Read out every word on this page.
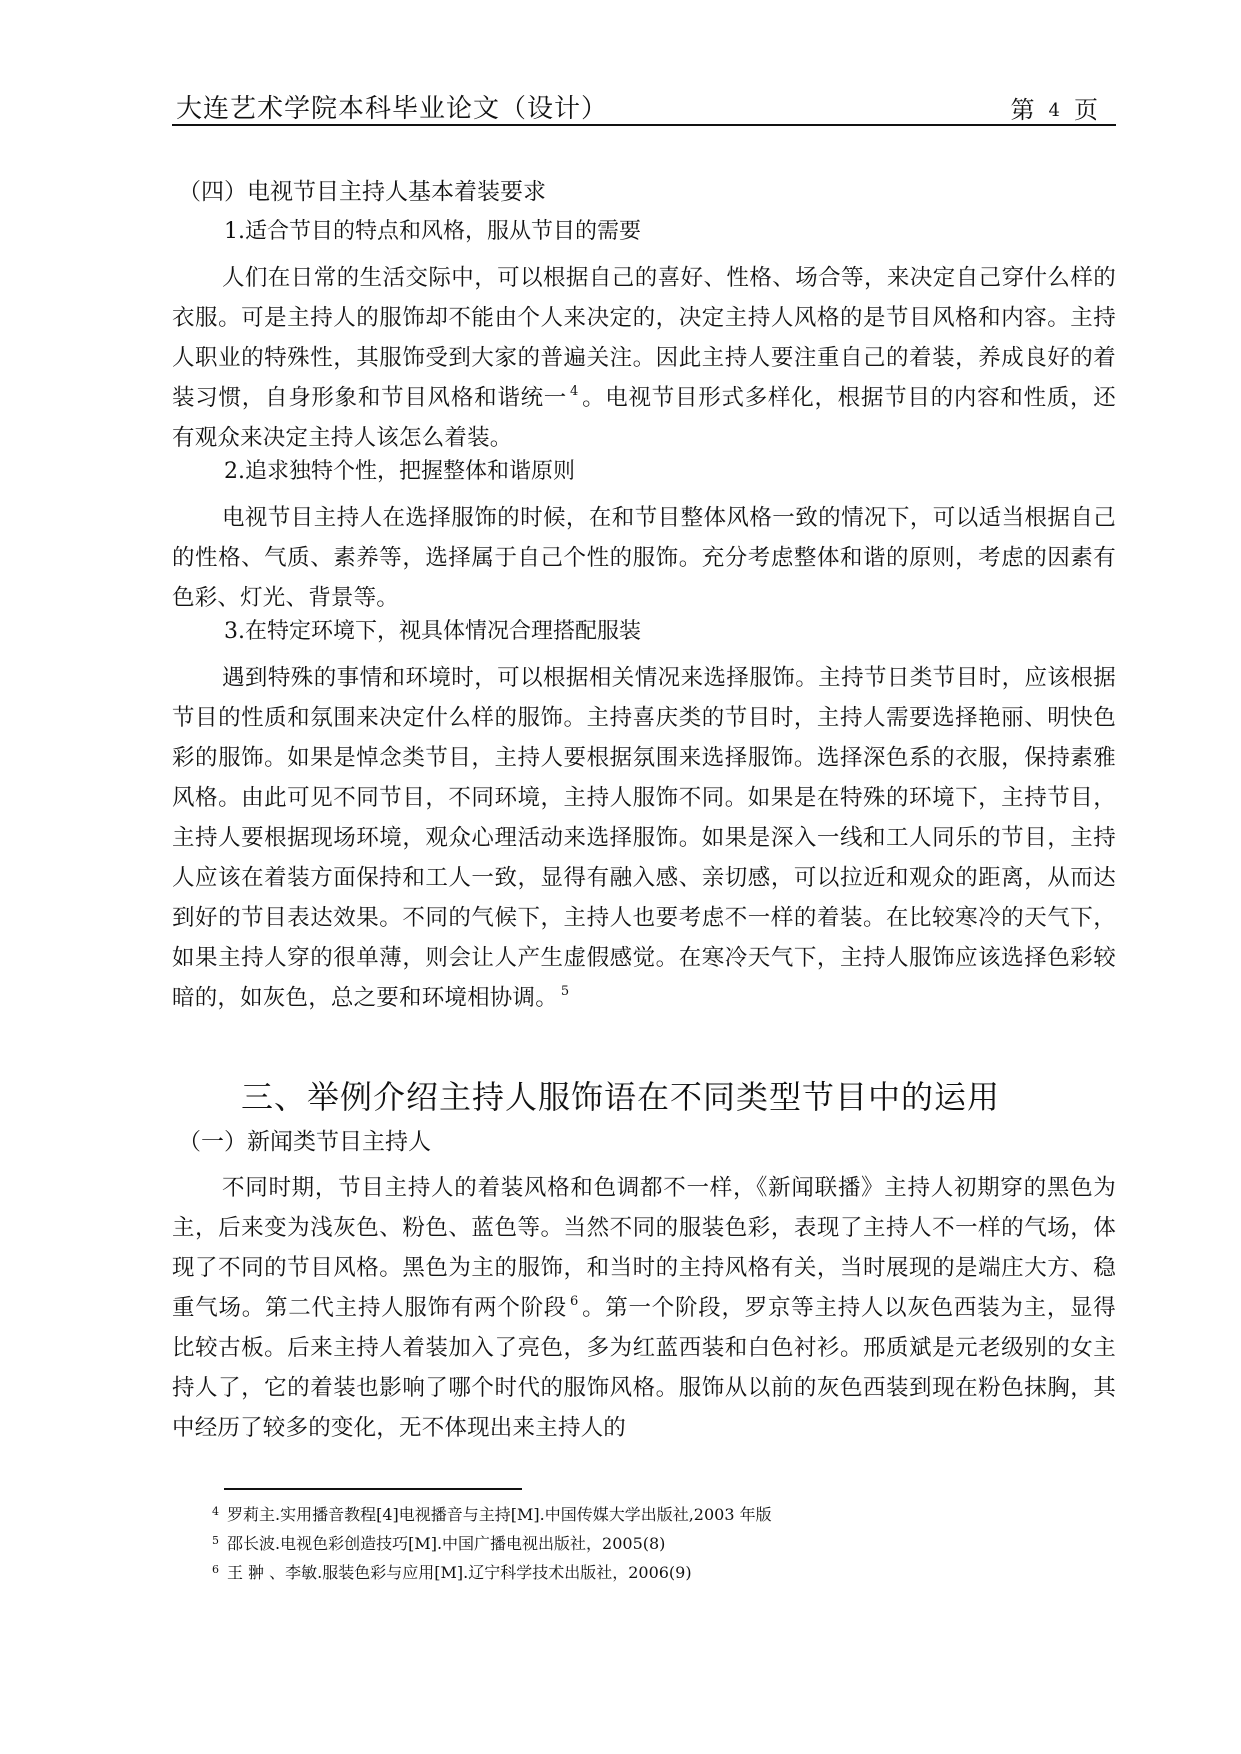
大连艺术学院本科毕业论文（设计）	第 4 页
（四）电视节目主持人基本着装要求
1.适合节目的特点和风格，服从节目的需要

人们在日常的生活交际中，可以根据自己的喜好、性格、场合等，来决定自己穿什么样的衣服。可是主持人的服饰却不能由个人来决定的，决定主持人风格的是节目风格和内容。主持人职业的特殊性，其服饰受到大家的普遍关注。因此主持人要注重自己的着装，养成良好的着装习惯，自身形象和节目风格和谐统一 $^4$ 。电视节目形式多样化，根据节目的内容和性质，还有观众来决定主持人该怎么着装。

2.追求独特个性，把握整体和谐原则

电视节目主持人在选择服饰的时候，在和节目整体风格一致的情况下，可以适当根据自己的性格、气质、素养等，选择属于自己个性的服饰。充分考虑整体和谐的原则，考虑的因素有色彩、灯光、背景等。

3.在特定环境下，视具体情况合理搭配服装

遇到特殊的事情和环境时，可以根据相关情况来选择服饰。主持节日类节目时，应该根据节目的性质和氛围来决定什么样的服饰。主持喜庆类的节目时，主持人需要选择艳丽、明快色彩的服饰。如果是悼念类节目，主持人要根据氛围来选择服饰。选择深色系的衣服，保持素雅风格。由此可见不同节目，不同环境，主持人服饰不同。如果是在特殊的环境下，主持节目，主持人要根据现场环境，观众心理活动来选择服饰。如果是深入一线和工人同乐的节目，主持人应该在着装方面保持和工人一致，显得有融入感、亲切感，可以拉近和观众的距离，从而达到好的节目表达效果。不同的气候下，主持人也要考虑不一样的着装。在比较寒冷的天气下，如果主持人穿的很单薄，则会让人产生虚假感觉。在寒冷天气下，主持人服饰应该选择色彩较暗的，如灰色，总之要和环境相协调。 $^5$

三、举例介绍主持人服饰语在不同类型节目中的运用
（一）新闻类节目主持人

不同时期，节目主持人的着装风格和色调都不一样，《新闻联播》主持人初期穿的黑色为主，后来变为浅灰色、粉色、蓝色等。当然不同的服装色彩，表现了主持人不一样的气场，体现了不同的节目风格。黑色为主的服饰，和当时的主持风格有关，当时展现的是端庄大方、稳重气场。第二代主持人服饰有两个阶段 $^6$ 。第一个阶段，罗京等主持人以灰色西装为主，显得比较古板。后来主持人着装加入了亮色，多为红蓝西装和白色衬衫。邢质斌是元老级别的女主持人了，它的着装也影响了哪个时代的服饰风格。服饰从以前的灰色西装到现在粉色抹胸，其中经历了较多的变化，无不体现出来主持人的

$^4$ 罗莉主.实用播音教程[4]电视播音与主持[M].中国传媒大学出版社,2003 年版
$^5$ 邵长波.电视色彩创造技巧[M].中国广播电视出版社，2005(8)
$^6$ 王 翀 、李敏.服装色彩与应用[M].辽宁科学技术出版社，2006(9)
